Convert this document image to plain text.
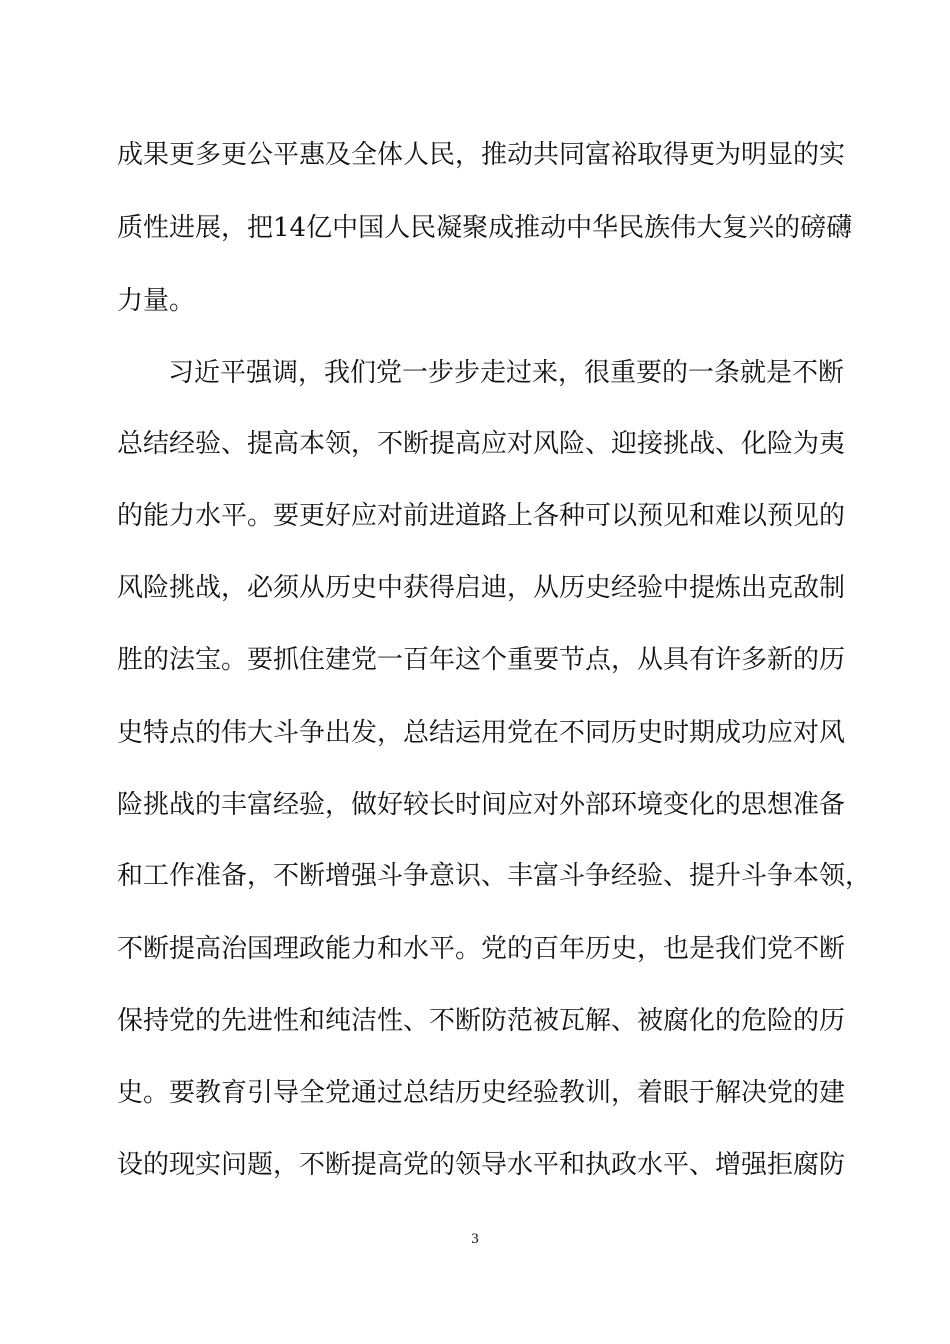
成果更多更公平惠及全体人民，推动共同富裕取得更为明显的实
质性进展，把14亿中国人民凝聚成推动中华民族伟大复兴的磅礴
力量。
习近平强调，我们党一步步走过来，很重要的一条就是不断
总结经验、提高本领，不断提高应对风险、迎接挑战、化险为夷
的能力水平。要更好应对前进道路上各种可以预见和难以预见的
风险挑战，必须从历史中获得启迪，从历史经验中提炼出克敌制
胜的法宝。要抓住建党一百年这个重要节点，从具有许多新的历
史特点的伟大斗争出发，总结运用党在不同历史时期成功应对风
险挑战的丰富经验，做好较长时间应对外部环境变化的思想准备
和工作准备，不断增强斗争意识、丰富斗争经验、提升斗争本领，
不断提高治国理政能力和水平。党的百年历史，也是我们党不断
保持党的先进性和纯洁性、不断防范被瓦解、被腐化的危险的历
史。要教育引导全党通过总结历史经验教训，着眼于解决党的建
设的现实问题，不断提高党的领导水平和执政水平、增强拒腐防
3
